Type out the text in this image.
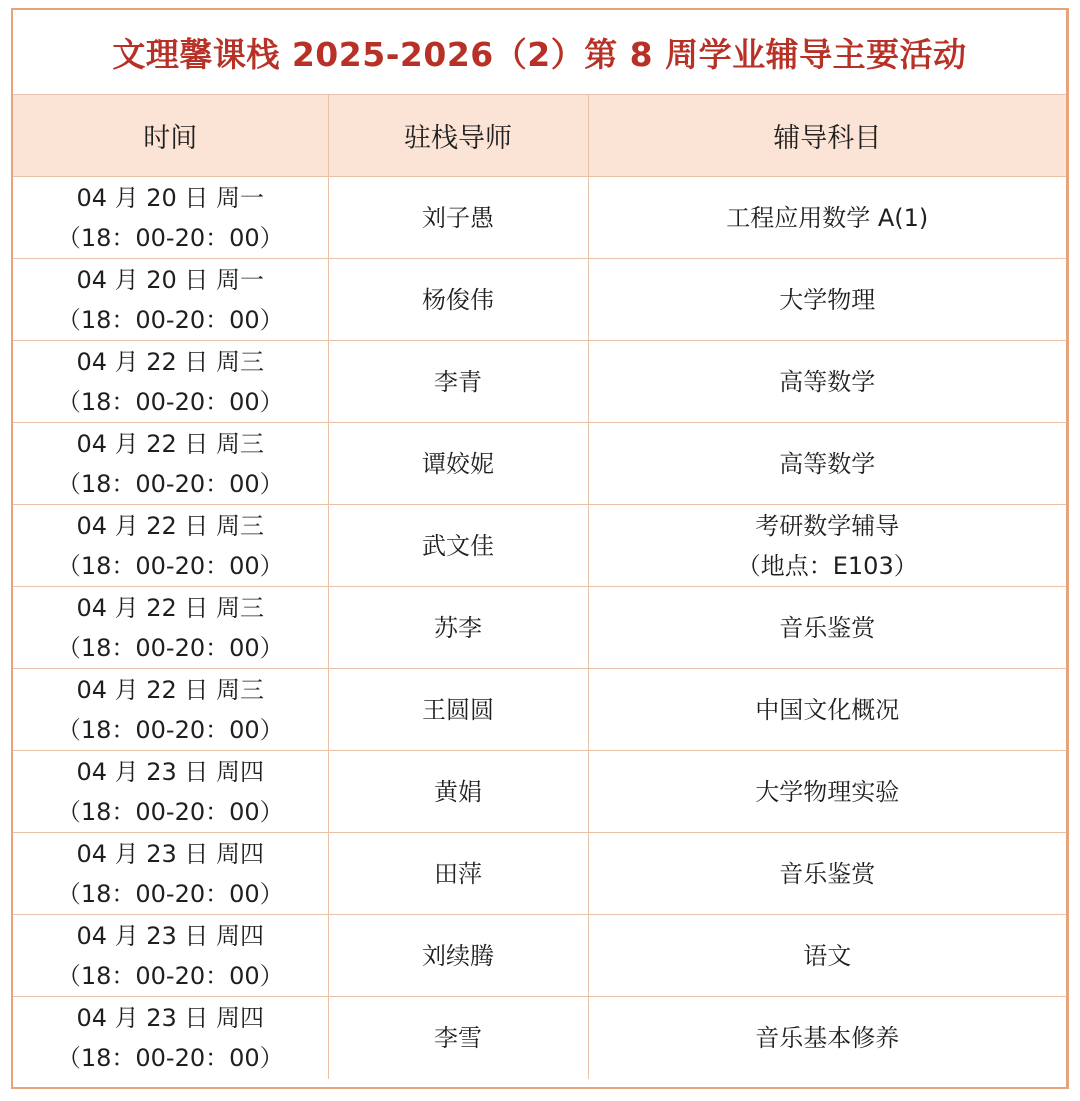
文理馨课栈 2025-2026（2）第 8 周学业辅导主要活动
时间	驻栈导师	辅导科目

04 月 20 日 周一
（18：00-20：00）	刘子愚	工程应用数学 A(1)

04 月 20 日 周一
（18：00-20：00）	杨俊伟	大学物理

04 月 22 日 周三
（18：00-20：00）	李青	高等数学

04 月 22 日 周三
（18：00-20：00）	谭姣妮	高等数学

04 月 22 日 周三
（18：00-20：00）	武文佳	考研数学辅导
（地点：E103）

04 月 22 日 周三
（18：00-20：00）	苏李	音乐鉴赏

04 月 22 日 周三
（18：00-20：00）	王圆圆	中国文化概况

04 月 23 日 周四
（18：00-20：00）	黄娟	大学物理实验

04 月 23 日 周四
（18：00-20：00）	田萍	音乐鉴赏

04 月 23 日 周四
（18：00-20：00）	刘续腾	语文

04 月 23 日 周四
（18：00-20：00）	李雪	音乐基本修养
